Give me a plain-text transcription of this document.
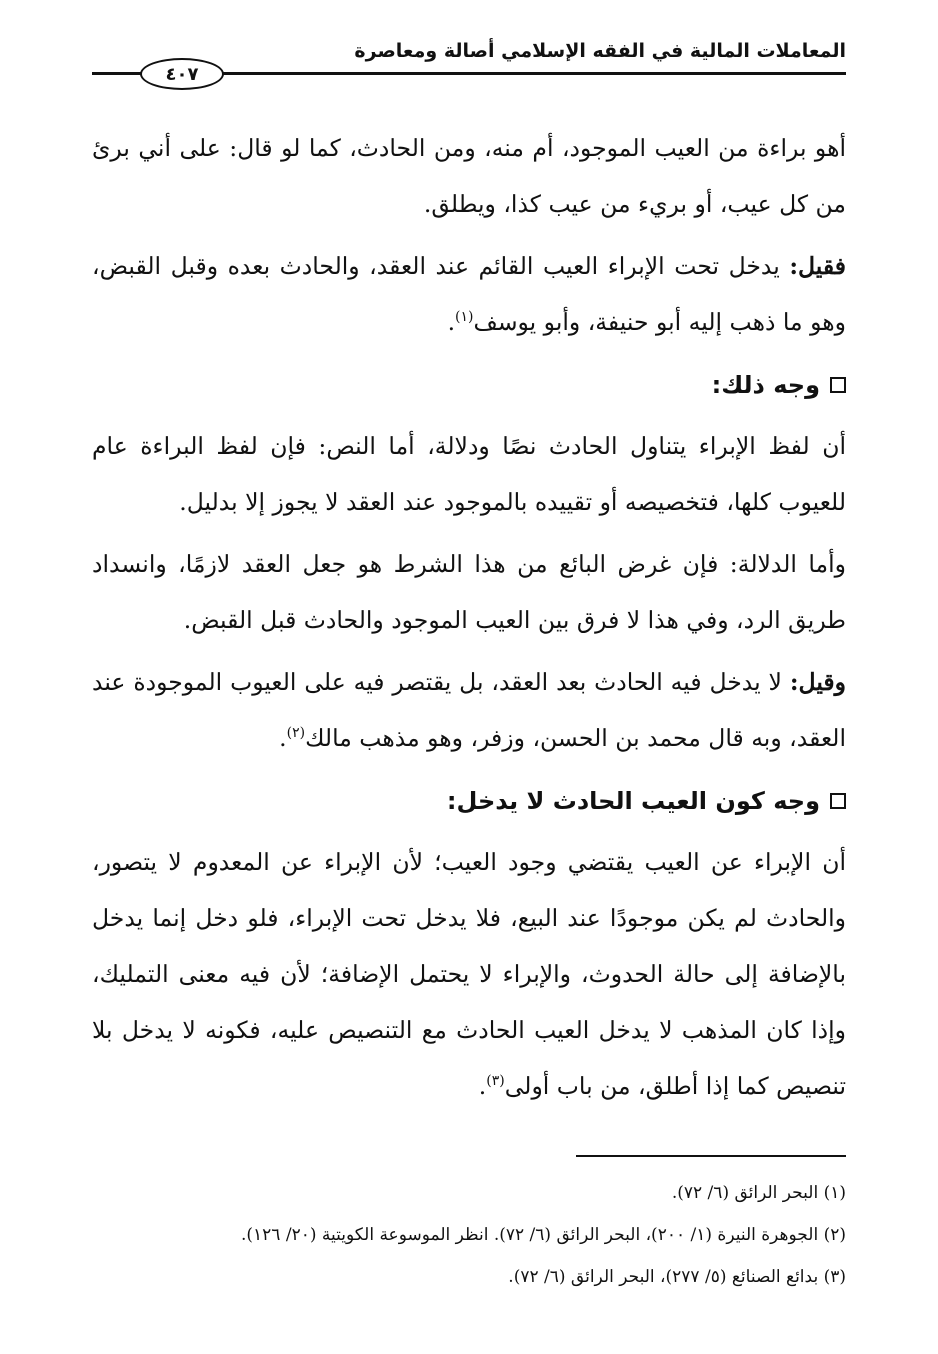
المعاملات المالية في الفقه الإسلامي أصالة ومعاصرة
٤٠٧

أهو براءة من العيب الموجود، أم منه، ومن الحادث، كما لو قال: على أني برئ من كل عيب، أو بريء من عيب كذا، ويطلق.

فقيل: يدخل تحت الإبراء العيب القائم عند العقد، والحادث بعده وقبل القبض، وهو ما ذهب إليه أبو حنيفة، وأبو يوسف$^{(١)}$.

وجه ذلك:

أن لفظ الإبراء يتناول الحادث نصًا ودلالة، أما النص: فإن لفظ البراءة عام للعيوب كلها، فتخصيصه أو تقييده بالموجود عند العقد لا يجوز إلا بدليل.

وأما الدلالة: فإن غرض البائع من هذا الشرط هو جعل العقد لازمًا، وانسداد طريق الرد، وفي هذا لا فرق بين العيب الموجود والحادث قبل القبض.

وقيل: لا يدخل فيه الحادث بعد العقد، بل يقتصر فيه على العيوب الموجودة عند العقد، وبه قال محمد بن الحسن، وزفر، وهو مذهب مالك$^{(٢)}$.

وجه كون العيب الحادث لا يدخل:

أن الإبراء عن العيب يقتضي وجود العيب؛ لأن الإبراء عن المعدوم لا يتصور، والحادث لم يكن موجودًا عند البيع، فلا يدخل تحت الإبراء، فلو دخل إنما يدخل بالإضافة إلى حالة الحدوث، والإبراء لا يحتمل الإضافة؛ لأن فيه معنى التمليك، وإذا كان المذهب لا يدخل العيب الحادث مع التنصيص عليه، فكونه لا يدخل بلا تنصيص كما إذا أطلق، من باب أولى$^{(٣)}$.

(١) البحر الرائق (٦/ ٧٢).
(٢) الجوهرة النيرة (١/ ٢٠٠)، البحر الرائق (٦/ ٧٢). انظر الموسوعة الكويتية (٢٠/ ١٢٦).
(٣) بدائع الصنائع (٥/ ٢٧٧)، البحر الرائق (٦/ ٧٢).
